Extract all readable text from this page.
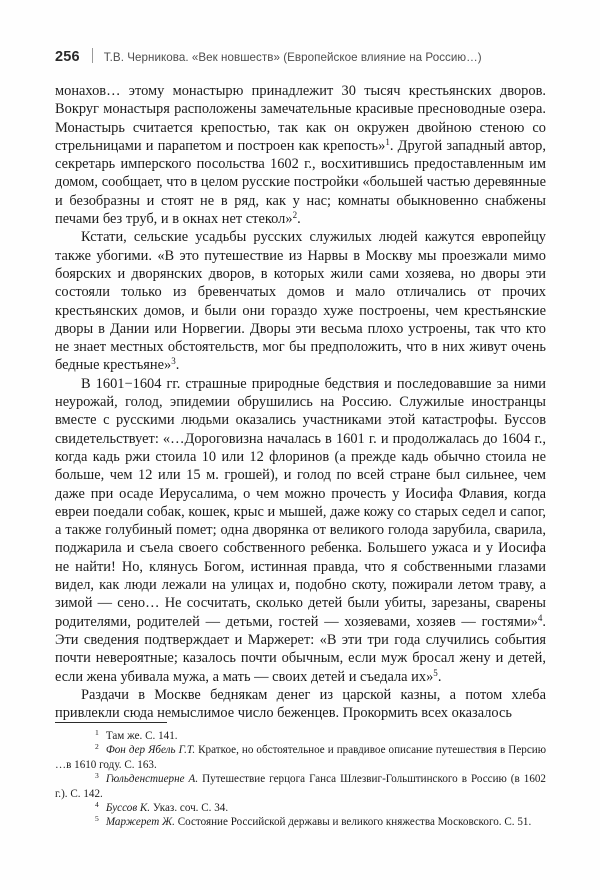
256 Т.В. Черникова. «Век новшеств» (Европейское влияние на Россию…)

монахов… этому монастырю принадлежит 30 тысяч крестьянских дворов. Вокруг монастыря расположены замечательные красивые пресноводные озера. Монастырь считается крепостью, так как он окружен двойною стеною со стрельницами и парапетом и построен как крепость»$^1$. Другой западный автор, секретарь имперского посольства 1602 г., восхитившись предоставленным им домом, сообщает, что в целом русские постройки «большей частью деревянные и безобразны и стоят не в ряд, как у нас; комнаты обыкновенно снабжены печами без труб, и в окнах нет стекол»$^2$.

Кстати, сельские усадьбы русских служилых людей кажутся европейцу также убогими. «В это путешествие из Нарвы в Москву мы проезжали мимо боярских и дворянских дворов, в которых жили сами хозяева, но дворы эти состояли только из бревенчатых домов и мало отличались от прочих крестьянских домов, и были они гораздо хуже построены, чем крестьянские дворы в Дании или Норвегии. Дворы эти весьма плохо устроены, так что кто не знает местных обстоятельств, мог бы предположить, что в них живут очень бедные крестьяне»$^3$.

В 1601−1604 гг. страшные природные бедствия и последовавшие за ними неурожай, голод, эпидемии обрушились на Россию. Служилые иностранцы вместе с русскими людьми оказались участниками этой катастрофы. Буссов свидетельствует: «…Дороговизна началась в 1601 г. и продолжалась до 1604 г., когда кадь ржи стоила 10 или 12 флоринов (а прежде кадь обычно стоила не больше, чем 12 или 15 м. грошей), и голод по всей стране был сильнее, чем даже при осаде Иерусалима, о чем можно прочесть у Иосифа Флавия, когда евреи поедали собак, кошек, крыс и мышей, даже кожу со старых седел и сапог, а также голубиный помет; одна дворянка от великого голода зарубила, сварила, поджарила и съела своего собственного ребенка. Большего ужаса и у Иосифа не найти! Но, клянусь Богом, истинная правда, что я собственными глазами видел, как люди лежали на улицах и, подобно скоту, пожирали летом траву, а зимой — сено… Не сосчитать, сколько детей были убиты, зарезаны, сварены родителями, родителей — детьми, гостей — хозяевами, хозяев — гостями»$^4$. Эти сведения подтверждает и Маржерет: «В эти три года случились события почти невероятные; казалось почти обычным, если муж бросал жену и детей, если жена убивала мужа, а мать — своих детей и съедала их»$^5$.

Раздачи в Москве беднякам денег из царской казны, а потом хлеба привлекли сюда немыслимое число беженцев. Прокормить всех оказалось

$^1$ Там же. С. 141.

$^2$ Фон дер Ябель Г.Т. Краткое, но обстоятельное и правдивое описание путешествия в Персию …в 1610 году. С. 163.

$^3$ Гюльденстиерне А. Путешествие герцога Ганса Шлезвиг-Гольштинского в Россию (в 1602 г.). С. 142.

$^4$ Буссов К. Указ. соч. С. 34.

$^5$ Маржерет Ж. Состояние Российской державы и великого княжества Московского. С. 51.
